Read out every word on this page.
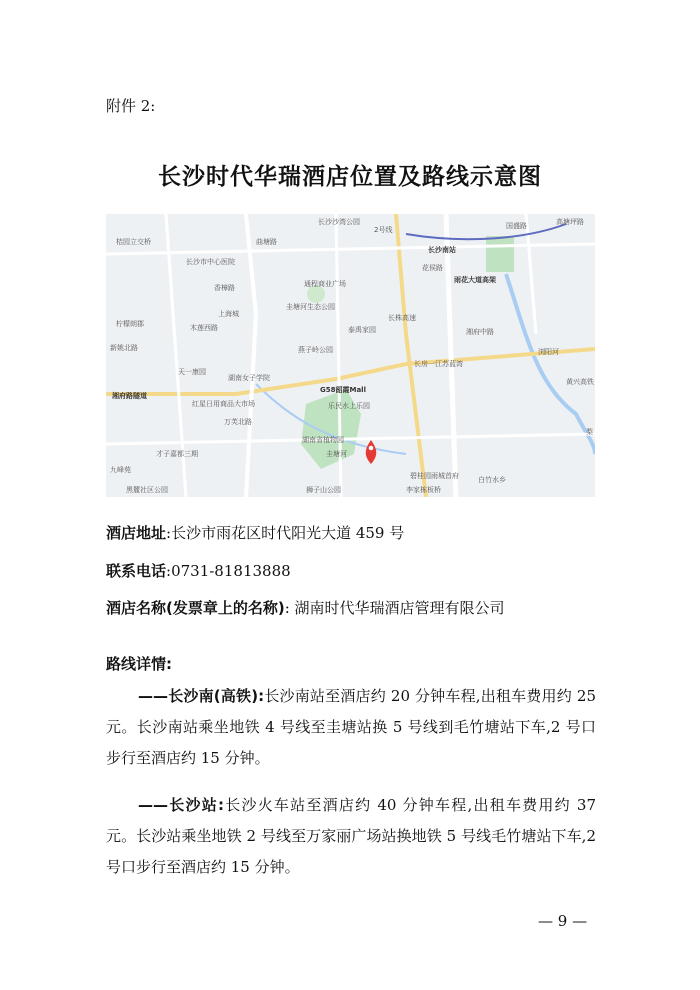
附件 2:
长沙时代华瑞酒店位置及路线示意图
长沙市中心医院
通程商业广场
圭塘河生态公园
香樟路
上海城
木莲西路	泰禹家园
燕子岭公园
柠檬朗郡
天一康园
湖南女子学院
G58韶霞Mall
乐民水上乐园
湖南省植物园
红星日用商品大市场
长沙南站
花侯路
雨花大道高架
长株高速
长房一江苏蓝湾
湘府路隧道
才子嘉都三期
九峰苑
黑麓社区公园	狮子山公园
圭塘河
碧桂园雨城首府
李家栋板桥
白竹水乡
桔园立交桥
黄兴高铁
长沙沙湾公园	国盛路	高塘坪路
新姚北路
万芙北路
湘府中路
曲塘路
浏阳河
梨
2号线
酒店地址:长沙市雨花区时代阳光大道 459 号
联系电话:0731-81813888
酒店名称(发票章上的名称): 湖南时代华瑞酒店管理有限公司
路线详情:
——长沙南(高铁):长沙南站至酒店约 20 分钟车程,出租车费用约 25 元。长沙南站乘坐地铁 4 号线至圭塘站换 5 号线到毛竹塘站下车,2 号口步行至酒店约 15 分钟。
——长沙站:长沙火车站至酒店约 40 分钟车程,出租车费用约 37 元。长沙站乘坐地铁 2 号线至万家丽广场站换地铁 5 号线毛竹塘站下车,2 号口步行至酒店约 15 分钟。
— 9 —
